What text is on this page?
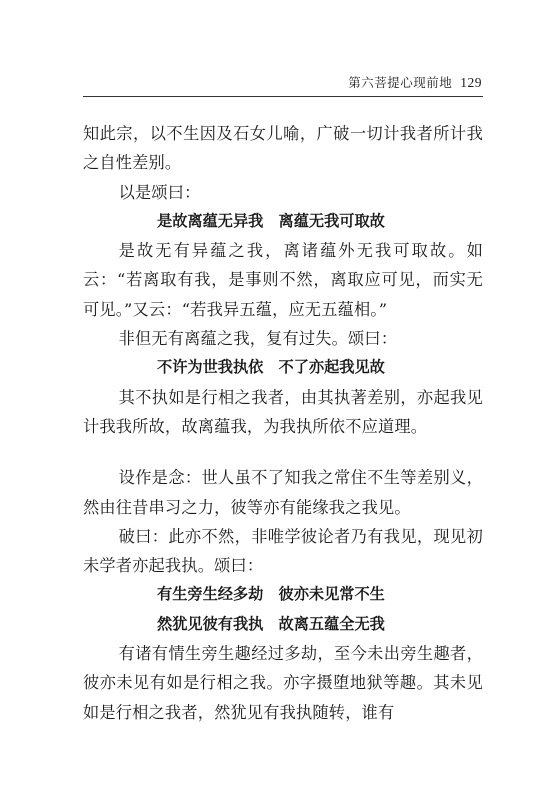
第六菩提心现前地 129

知此宗，以不生因及石女儿喻，广破一切计我者所计我之自性差别。

以是颂曰：

是故离蕴无异我　离蕴无我可取故

是故无有异蕴之我，离诸蕴外无我可取故。如云：“若离取有我，是事则不然，离取应可见，而实无可见。”又云：“若我异五蕴，应无五蕴相。”

非但无有离蕴之我，复有过失。颂曰：

不许为世我执依　不了亦起我见故

其不执如是行相之我者，由其执著差别，亦起我见计我我所故，故离蕴我，为我执所依不应道理。

设作是念：世人虽不了知我之常住不生等差别义，然由往昔串习之力，彼等亦有能缘我之我见。

破曰：此亦不然，非唯学彼论者乃有我见，现见初未学者亦起我执。颂曰：

有生旁生经多劫　彼亦未见常不生

然犹见彼有我执　故离五蕴全无我

有诸有情生旁生趣经过多劫，至今未出旁生趣者，彼亦未见有如是行相之我。亦字摄堕地狱等趣。其未见如是行相之我者，然犹见有我执随转，谁有
